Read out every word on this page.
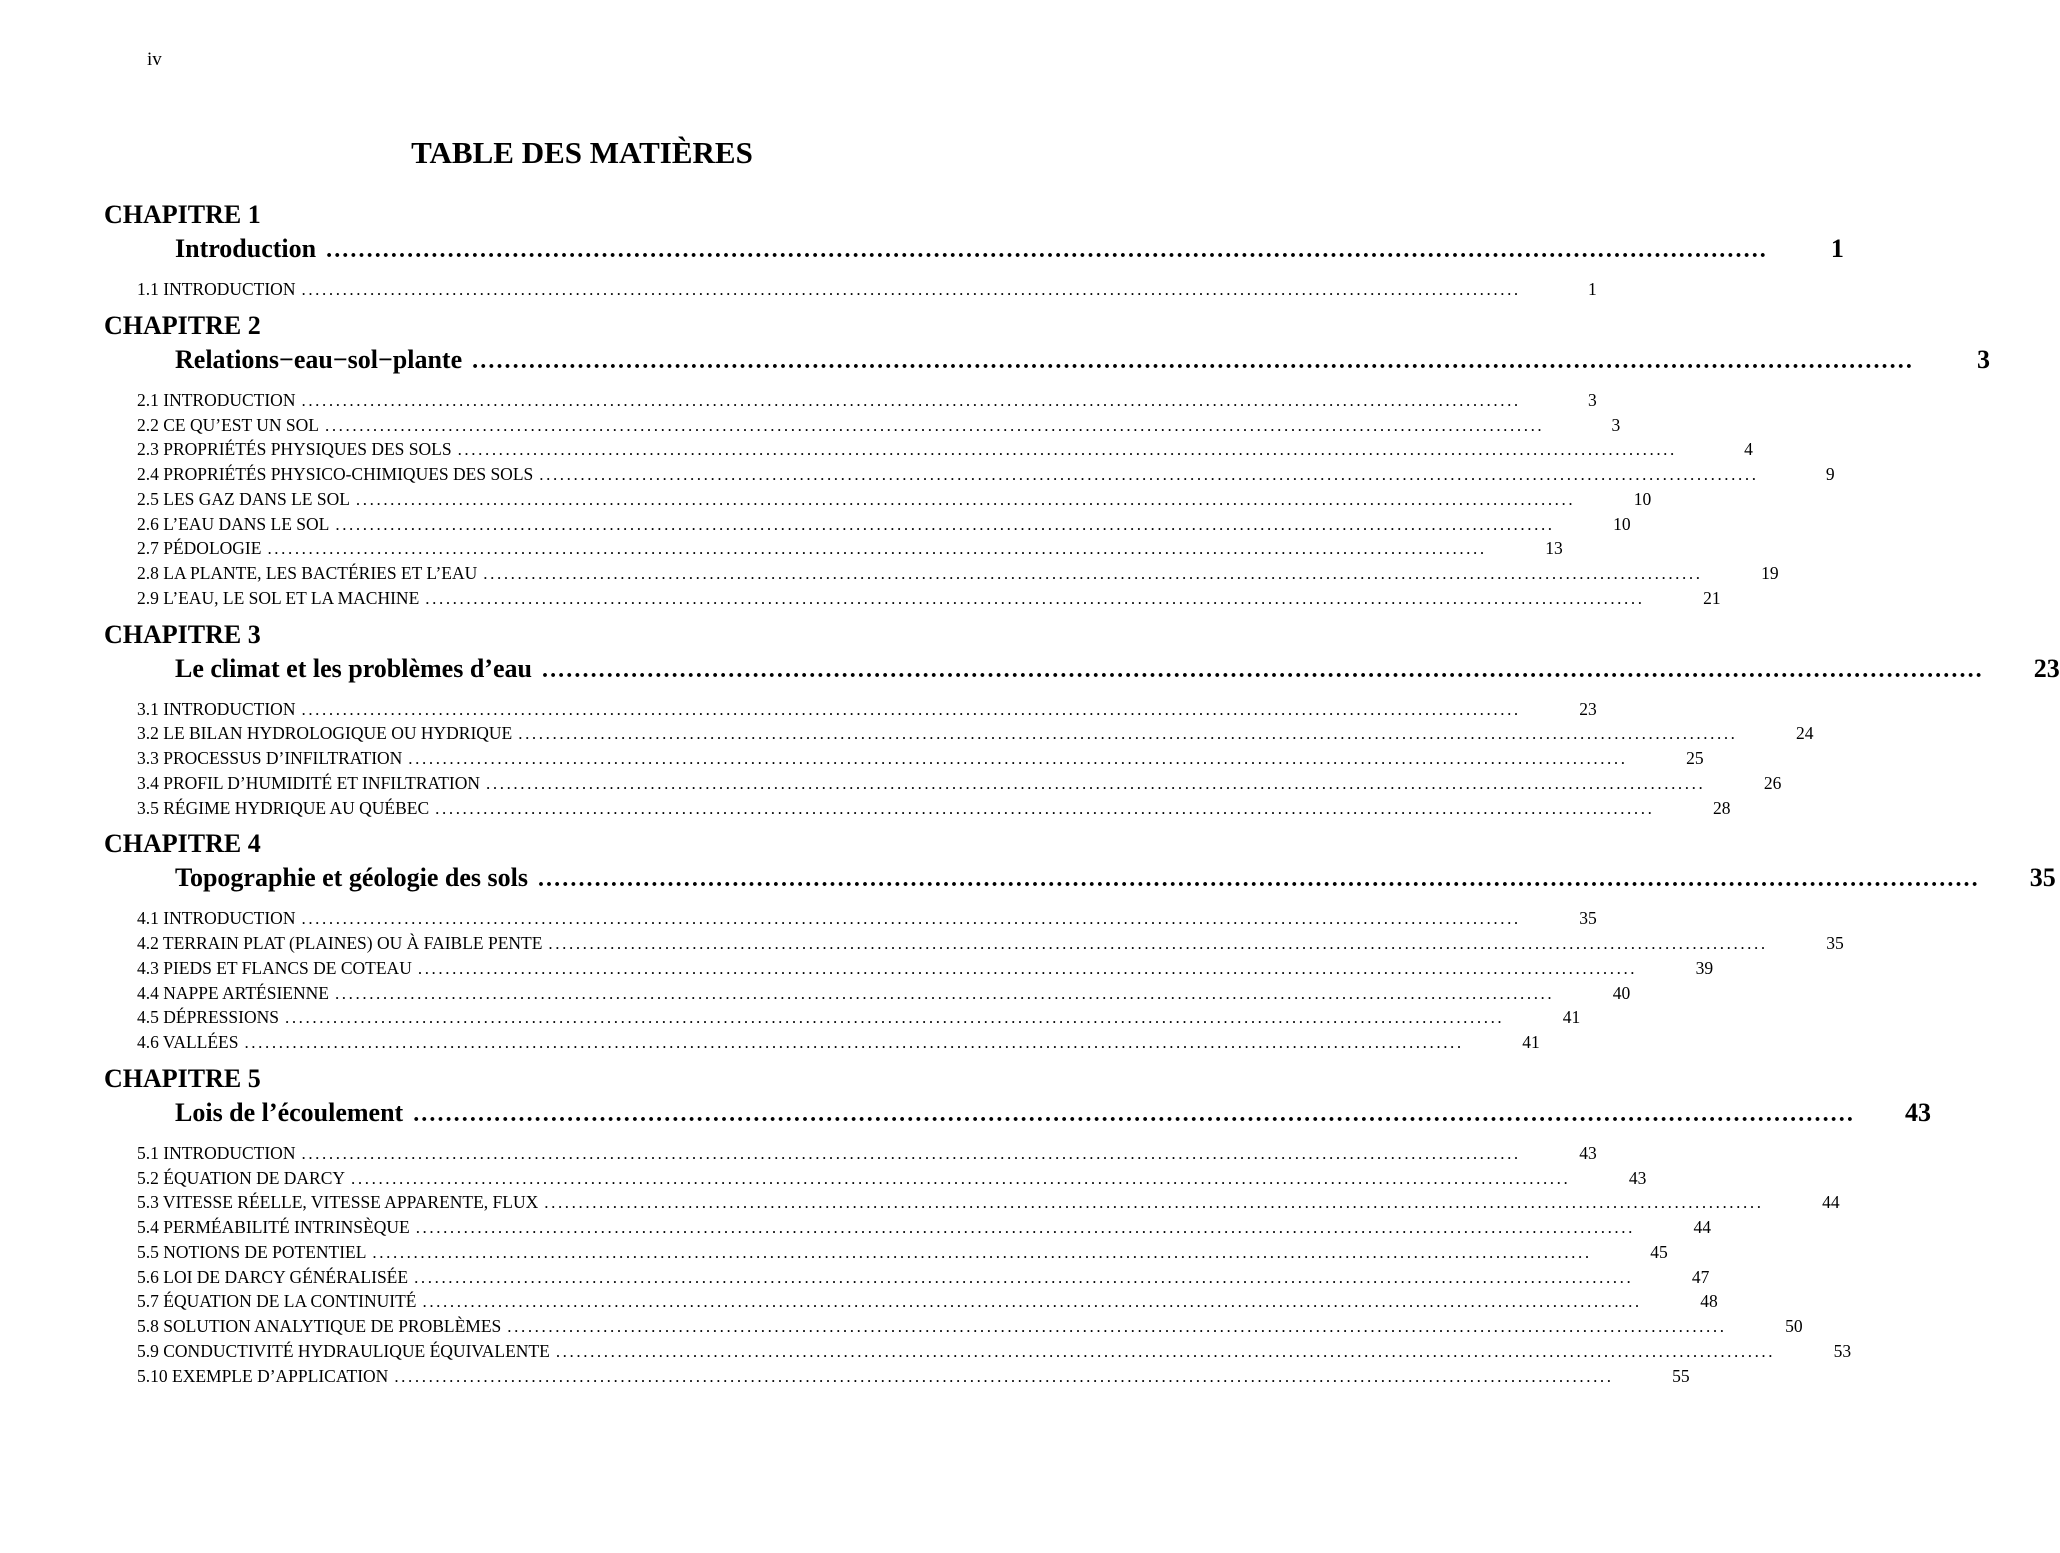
iv
TABLE DES MATIÈRES
CHAPITRE 1
Introduction ..................................................................................................................................................................................	1
1.1 INTRODUCTION ..................................................................................................................................................................................	1
CHAPITRE 2
Relations−eau−sol−plante ..................................................................................................................................................................................	3
2.1 INTRODUCTION ..................................................................................................................................................................................	3
2.2 CE QU’EST UN SOL ..................................................................................................................................................................................	3
2.3 PROPRIÉTÉS PHYSIQUES DES SOLS ..................................................................................................................................................................................	4
2.4 PROPRIÉTÉS PHYSICO-CHIMIQUES DES SOLS ..................................................................................................................................................................................	9
2.5 LES GAZ DANS LE SOL ..................................................................................................................................................................................	10
2.6 L’EAU DANS LE SOL ..................................................................................................................................................................................	10
2.7 PÉDOLOGIE ..................................................................................................................................................................................	13
2.8 LA PLANTE, LES BACTÉRIES ET L’EAU ..................................................................................................................................................................................	19
2.9 L’EAU, LE SOL ET LA MACHINE ..................................................................................................................................................................................	21
CHAPITRE 3
Le climat et les problèmes d’eau ..................................................................................................................................................................................	23
3.1 INTRODUCTION ..................................................................................................................................................................................	23
3.2 LE BILAN HYDROLOGIQUE OU HYDRIQUE ..................................................................................................................................................................................	24
3.3 PROCESSUS D’INFILTRATION ..................................................................................................................................................................................	25
3.4 PROFIL D’HUMIDITÉ ET INFILTRATION ..................................................................................................................................................................................	26
3.5 RÉGIME HYDRIQUE AU QUÉBEC ..................................................................................................................................................................................	28
CHAPITRE 4
Topographie et géologie des sols ..................................................................................................................................................................................	35
4.1 INTRODUCTION ..................................................................................................................................................................................	35
4.2 TERRAIN PLAT (PLAINES) OU À FAIBLE PENTE ..................................................................................................................................................................................	35
4.3 PIEDS ET FLANCS DE COTEAU ..................................................................................................................................................................................	39
4.4 NAPPE ARTÉSIENNE ..................................................................................................................................................................................	40
4.5 DÉPRESSIONS ..................................................................................................................................................................................	41
4.6 VALLÉES ..................................................................................................................................................................................	41
CHAPITRE 5
Lois de l’écoulement ..................................................................................................................................................................................	43
5.1 INTRODUCTION ..................................................................................................................................................................................	43
5.2 ÉQUATION DE DARCY ..................................................................................................................................................................................	43
5.3 VITESSE RÉELLE, VITESSE APPARENTE, FLUX ..................................................................................................................................................................................	44
5.4 PERMÉABILITÉ INTRINSÈQUE ..................................................................................................................................................................................	44
5.5 NOTIONS DE POTENTIEL ..................................................................................................................................................................................	45
5.6 LOI DE DARCY GÉNÉRALISÉE ..................................................................................................................................................................................	47
5.7 ÉQUATION DE LA CONTINUITÉ ..................................................................................................................................................................................	48
5.8 SOLUTION ANALYTIQUE DE PROBLÈMES ..................................................................................................................................................................................	50
5.9 CONDUCTIVITÉ HYDRAULIQUE ÉQUIVALENTE ..................................................................................................................................................................................	53
5.10 EXEMPLE D’APPLICATION ..................................................................................................................................................................................	55
